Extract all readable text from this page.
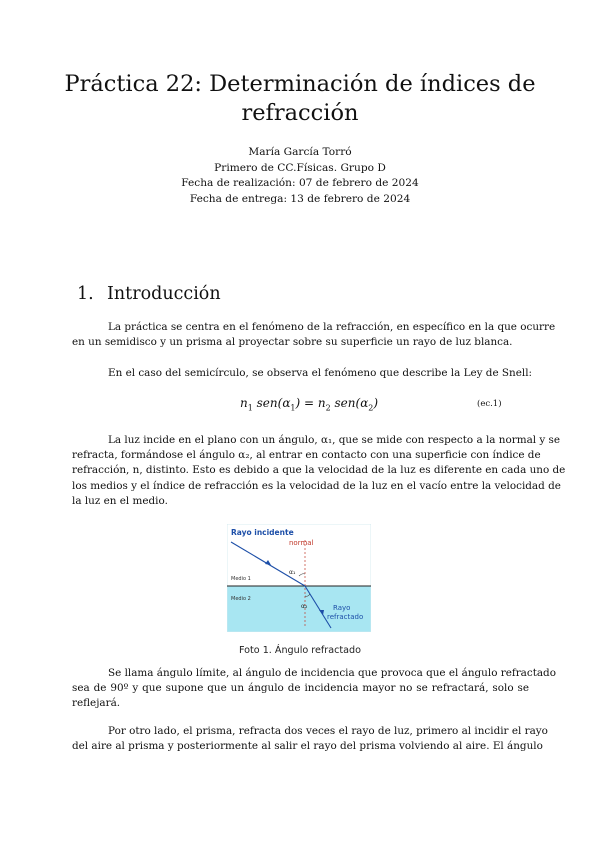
Práctica 22: Determinación de índices de
refracción
María García Torró
Primero de CC.Físicas. Grupo D
Fecha de realización: 07 de febrero de 2024
Fecha de entrega: 13 de febrero de 2024
1. Introducción

La práctica se centra en el fenómeno de la refracción, en específico en la que ocurre
en un semidisco y un prisma al proyectar sobre su superficie un rayo de luz blanca.

En el caso del semicírculo, se observa el fenómeno que describe la Ley de Snell:

$n_1$ $sen(\alpha_1) = n_2$ $sen(\alpha_2)$	(ec.1)

La luz incide en el plano con un ángulo, α₁, que se mide con respecto a la normal y se
refracta, formándose el ángulo α₂, al entrar en contacto con una superficie con índice de
refracción, n, distinto. Esto es debido a que la velocidad de la luz es diferente en cada uno de
los medios y el índice de refracción es la velocidad de la luz en el vacío entre la velocidad de
la luz en el medio.

Rayo incidente
normal
α₁
α₂
Medio 1
Medio 2
Rayo
refractado
Foto 1. Ángulo refractado

Se llama ángulo límite, al ángulo de incidencia que provoca que el ángulo refractado
sea de 90º y que supone que un ángulo de incidencia mayor no se refractará, solo se
reflejará.

Por otro lado, el prisma, refracta dos veces el rayo de luz, primero al incidir el rayo
del aire al prisma y posteriormente al salir el rayo del prisma volviendo al aire. El ángulo
